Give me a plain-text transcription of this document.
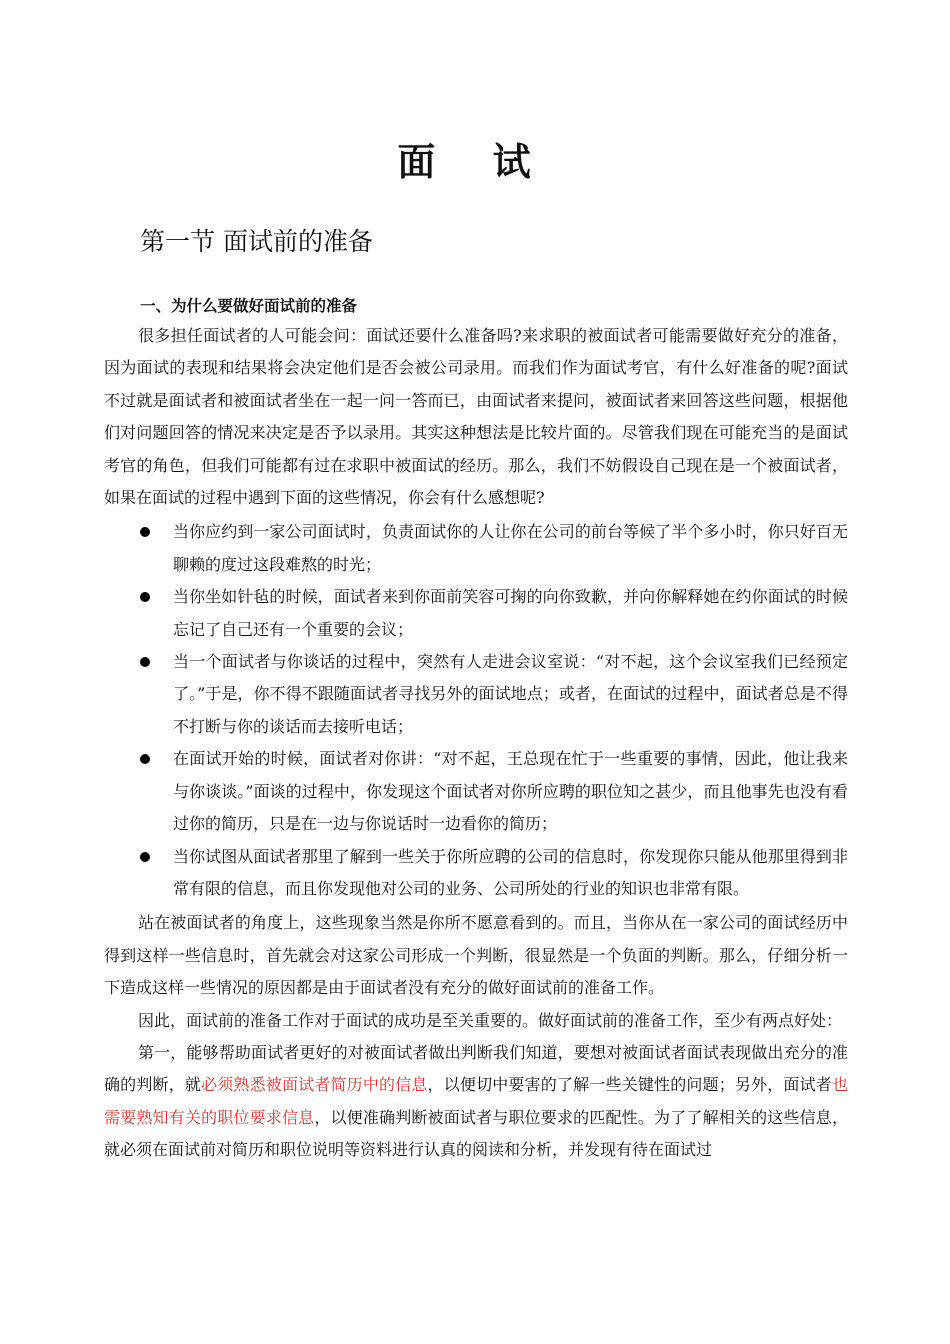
面 试
第一节 面试前的准备
一、为什么要做好面试前的准备

很多担任面试者的人可能会问：面试还要什么准备吗?来求职的被面试者可能需要做好充分的准备，因为面试的表现和结果将会决定他们是否会被公司录用。而我们作为面试考官，有什么好准备的呢?面试不过就是面试者和被面试者坐在一起一问一答而已，由面试者来提问，被面试者来回答这些问题，根据他们对问题回答的情况来决定是否予以录用。其实这种想法是比较片面的。尽管我们现在可能充当的是面试考官的角色，但我们可能都有过在求职中被面试的经历。那么，我们不妨假设自己现在是一个被面试者，如果在面试的过程中遇到下面的这些情况，你会有什么感想呢?

当你应约到一家公司面试时，负责面试你的人让你在公司的前台等候了半个多小时，你只好百无聊赖的度过这段难熬的时光；
当你坐如针毡的时候，面试者来到你面前笑容可掬的向你致歉，并向你解释她在约你面试的时候忘记了自己还有一个重要的会议；
当一个面试者与你谈话的过程中，突然有人走进会议室说：“对不起，这个会议室我们已经预定了。”于是，你不得不跟随面试者寻找另外的面试地点；或者，在面试的过程中，面试者总是不得不打断与你的谈话而去接听电话；
在面试开始的时候，面试者对你讲：“对不起，王总现在忙于一些重要的事情，因此，他让我来与你谈谈。”面谈的过程中，你发现这个面试者对你所应聘的职位知之甚少，而且他事先也没有看过你的简历，只是在一边与你说话时一边看你的简历；
当你试图从面试者那里了解到一些关于你所应聘的公司的信息时，你发现你只能从他那里得到非常有限的信息，而且你发现他对公司的业务、公司所处的行业的知识也非常有限。

站在被面试者的角度上，这些现象当然是你所不愿意看到的。而且，当你从在一家公司的面试经历中得到这样一些信息时，首先就会对这家公司形成一个判断，很显然是一个负面的判断。那么，仔细分析一下造成这样一些情况的原因都是由于面试者没有充分的做好面试前的准备工作。

因此，面试前的准备工作对于面试的成功是至关重要的。做好面试前的准备工作，至少有两点好处：

第一，能够帮助面试者更好的对被面试者做出判断我们知道，要想对被面试者面试表现做出充分的准确的判断，就必须熟悉被面试者简历中的信息，以便切中要害的了解一些关键性的问题；另外，面试者也需要熟知有关的职位要求信息，以便准确判断被面试者与职位要求的匹配性。为了了解相关的这些信息，就必须在面试前对简历和职位说明等资料进行认真的阅读和分析，并发现有待在面试过
